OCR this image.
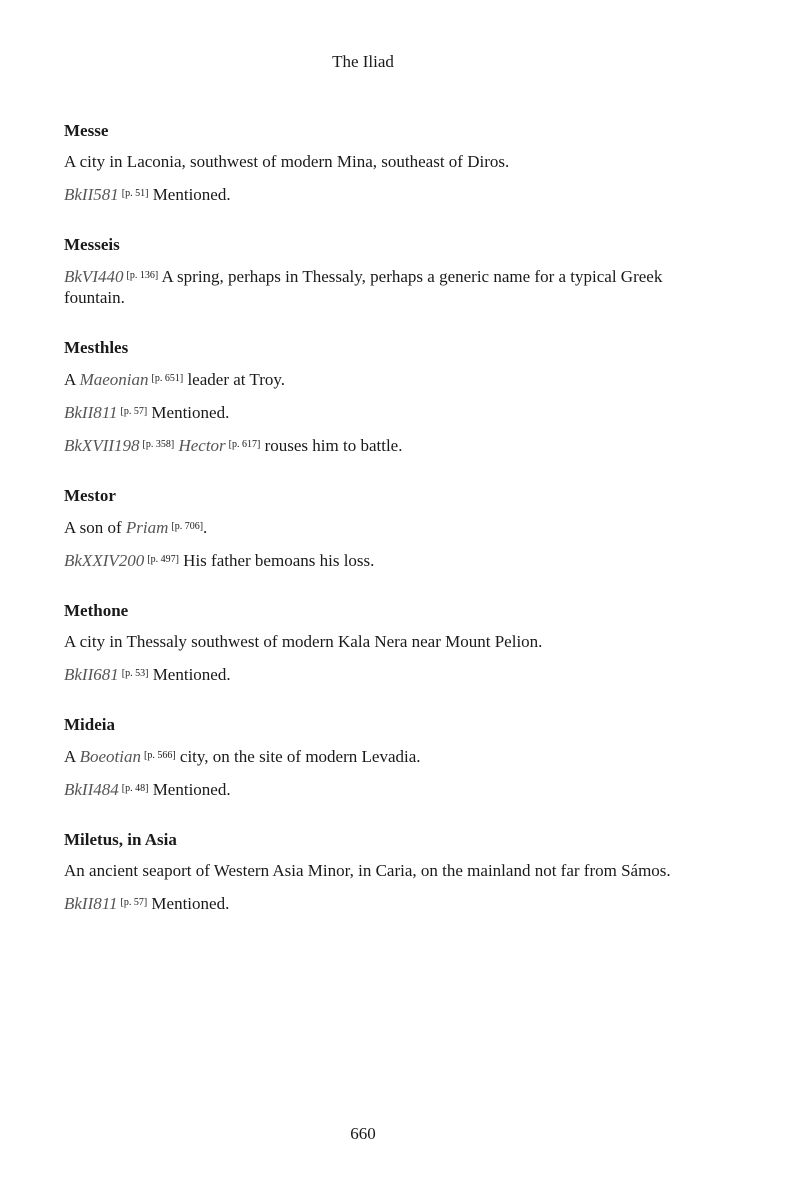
The Iliad
Messe
A city in Laconia, southwest of modern Mina, southeast of Diros.
BkII581 [p. 51] Mentioned.
Messeis
BkVI440 [p. 136] A spring, perhaps in Thessaly, perhaps a generic name for a typical Greek fountain.
Mesthles
A Maeonian [p. 651] leader at Troy.
BkII811 [p. 57] Mentioned.
BkXVII198 [p. 358] Hector [p. 617] rouses him to battle.
Mestor
A son of Priam [p. 706].
BkXXIV200 [p. 497] His father bemoans his loss.
Methone
A city in Thessaly southwest of modern Kala Nera near Mount Pelion.
BkII681 [p. 53] Mentioned.
Mideia
A Boeotian [p. 566] city, on the site of modern Levadia.
BkII484 [p. 48] Mentioned.
Miletus, in Asia
An ancient seaport of Western Asia Minor, in Caria, on the mainland not far from Sámos.
BkII811 [p. 57] Mentioned.
660
